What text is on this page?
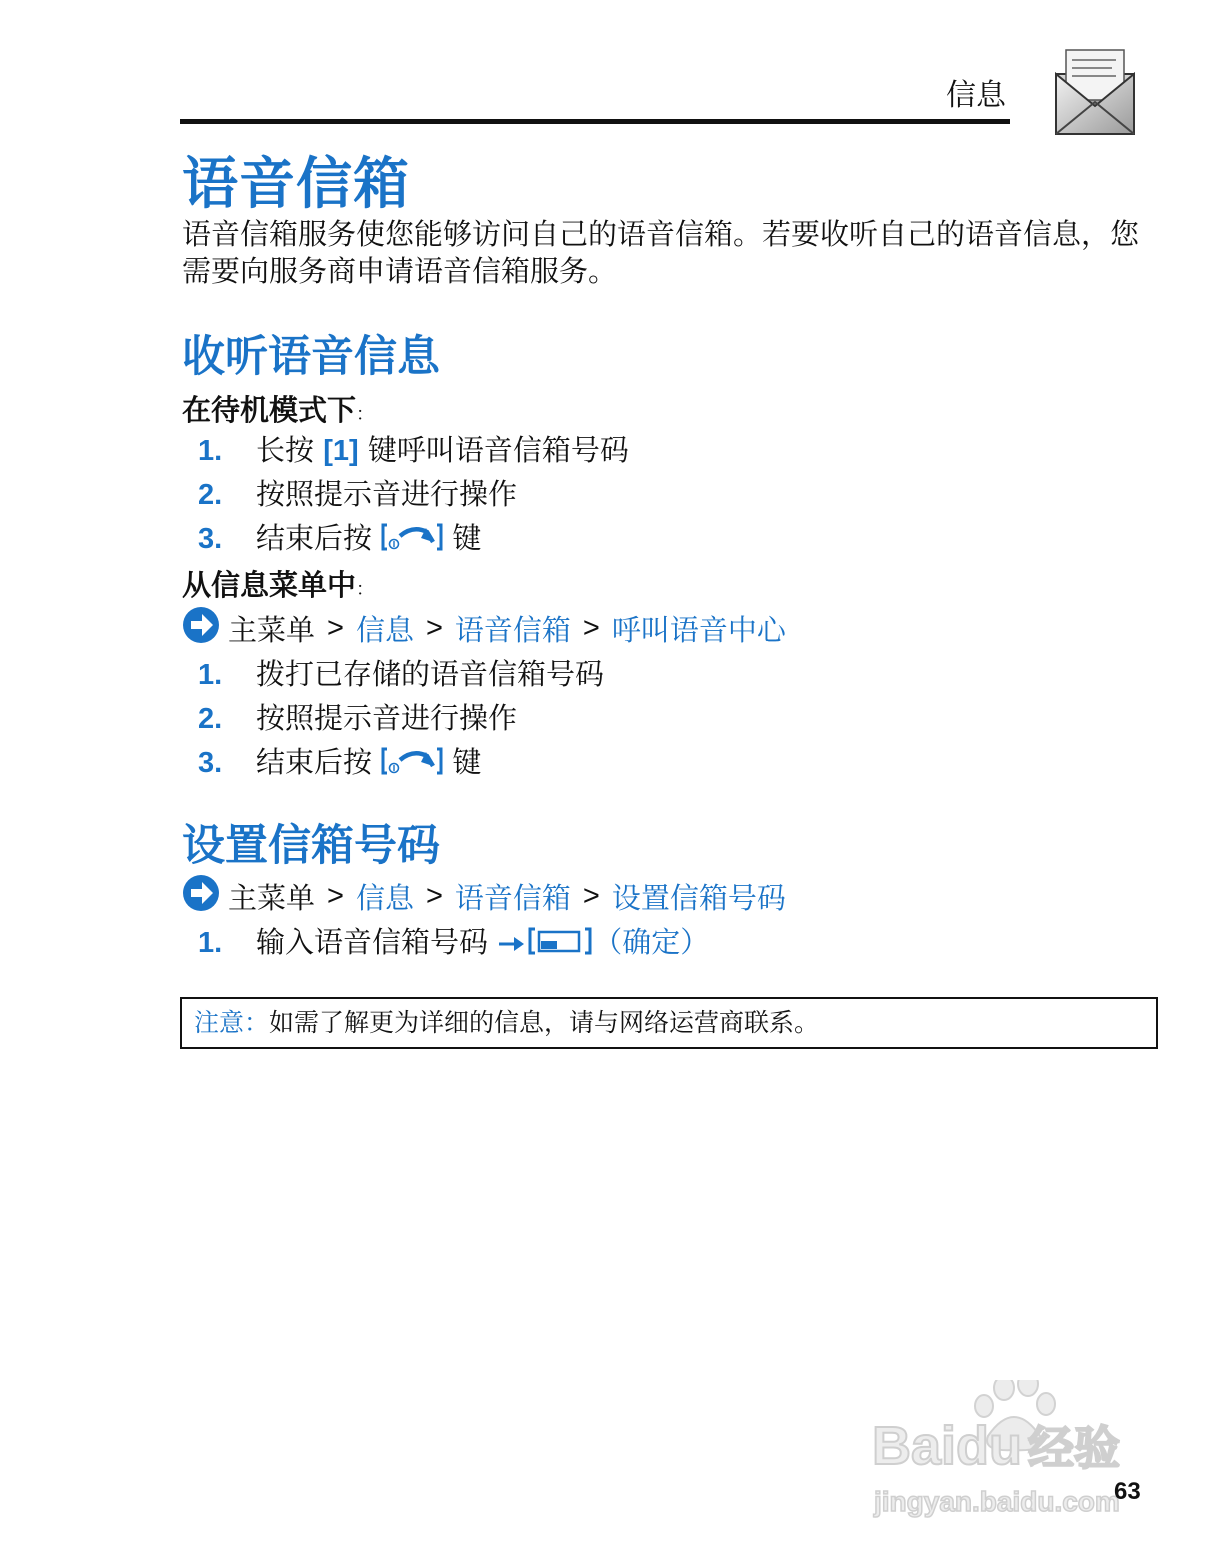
信息
语音信箱
语音信箱服务使您能够访问自己的语音信箱。若要收听自己的语音信息，您需要向服务商申请语音信箱服务。
收听语音信息
在待机模式下：
1. 长按 [1] 键呼叫语音信箱号码
2. 按照提示音进行操作
3. 结束后按  键
从信息菜单中：
主菜单 > 信息 > 语音信箱 > 呼叫语音中心
1. 拨打已存储的语音信箱号码
2. 按照提示音进行操作
3. 结束后按  键
设置信箱号码
主菜单 > 信息 > 语音信箱 > 设置信箱号码
1. 输入语音信箱号码	（确定）
注意：如需了解更为详细的信息，请与网络运营商联系。
Baidu 经验
jingyan.baidu.com
63
